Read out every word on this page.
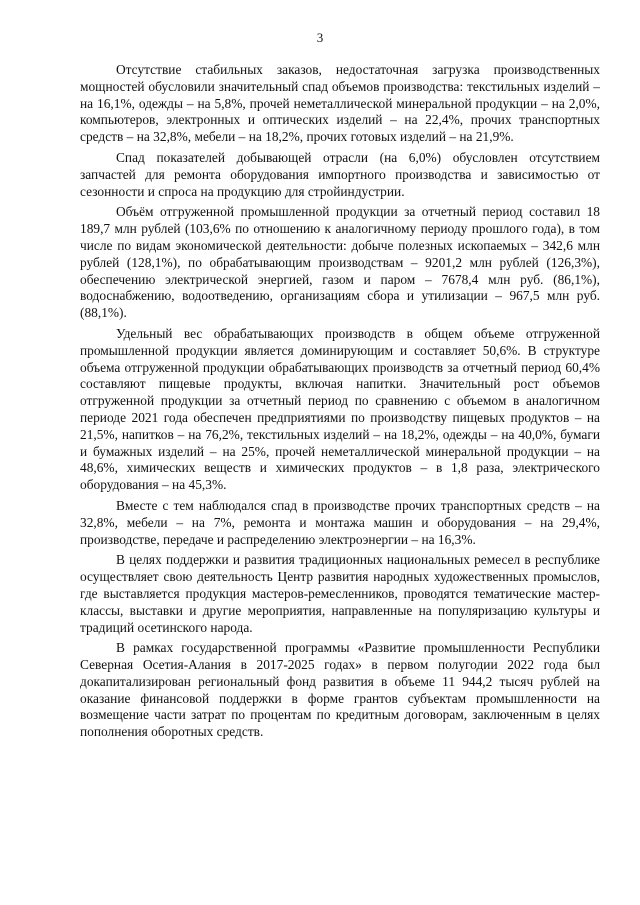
3

Отсутствие стабильных заказов, недостаточная загрузка производственных мощностей обусловили значительный спад объемов производства: текстильных изделий – на 16,1%, одежды – на 5,8%, прочей неметаллической минеральной продукции – на 2,0%, компьютеров, электронных и оптических изделий – на 22,4%, прочих транспортных средств – на 32,8%, мебели – на 18,2%, прочих готовых изделий – на 21,9%.

Спад показателей добывающей отрасли (на 6,0%) обусловлен отсутствием запчастей для ремонта оборудования импортного производства и зависимостью от сезонности и спроса на продукцию для стройиндустрии.

Объём отгруженной промышленной продукции за отчетный период составил 18 189,7 млн рублей (103,6% по отношению к аналогичному периоду прошлого года), в том числе по видам экономической деятельности: добыче полезных ископаемых – 342,6 млн рублей (128,1%), по обрабатывающим производствам – 9201,2 млн рублей (126,3%), обеспечению электрической энергией, газом и паром – 7678,4 млн руб. (86,1%), водоснабжению, водоотведению, организациям сбора и утилизации – 967,5 млн руб. (88,1%).

Удельный вес обрабатывающих производств в общем объеме отгруженной промышленной продукции является доминирующим и составляет 50,6%. В структуре объема отгруженной продукции обрабатывающих производств за отчетный период 60,4% составляют пищевые продукты, включая напитки. Значительный рост объемов отгруженной продукции за отчетный период по сравнению с объемом в аналогичном периоде 2021 года обеспечен предприятиями по производству пищевых продуктов – на 21,5%, напитков – на 76,2%, текстильных изделий – на 18,2%, одежды – на 40,0%, бумаги и бумажных изделий – на 25%, прочей неметаллической минеральной продукции – на 48,6%, химических веществ и химических продуктов – в 1,8 раза, электрического оборудования – на 45,3%.

Вместе с тем наблюдался спад в производстве прочих транспортных средств – на 32,8%, мебели – на 7%, ремонта и монтажа машин и оборудования – на 29,4%, производстве, передаче и распределению электроэнергии – на 16,3%.

В целях поддержки и развития традиционных национальных ремесел в республике осуществляет свою деятельность Центр развития народных художественных промыслов, где выставляется продукция мастеров-ремесленников, проводятся тематические мастер-классы, выставки и другие мероприятия, направленные на популяризацию культуры и традиций осетинского народа.

В рамках государственной программы «Развитие промышленности Республики Северная Осетия-Алания в 2017-2025 годах» в первом полугодии 2022 года был докапитализирован региональный фонд развития в объеме 11 944,2 тысяч рублей на оказание финансовой поддержки в форме грантов субъектам промышленности на возмещение части затрат по процентам по кредитным договорам, заключенным в целях пополнения оборотных средств.
